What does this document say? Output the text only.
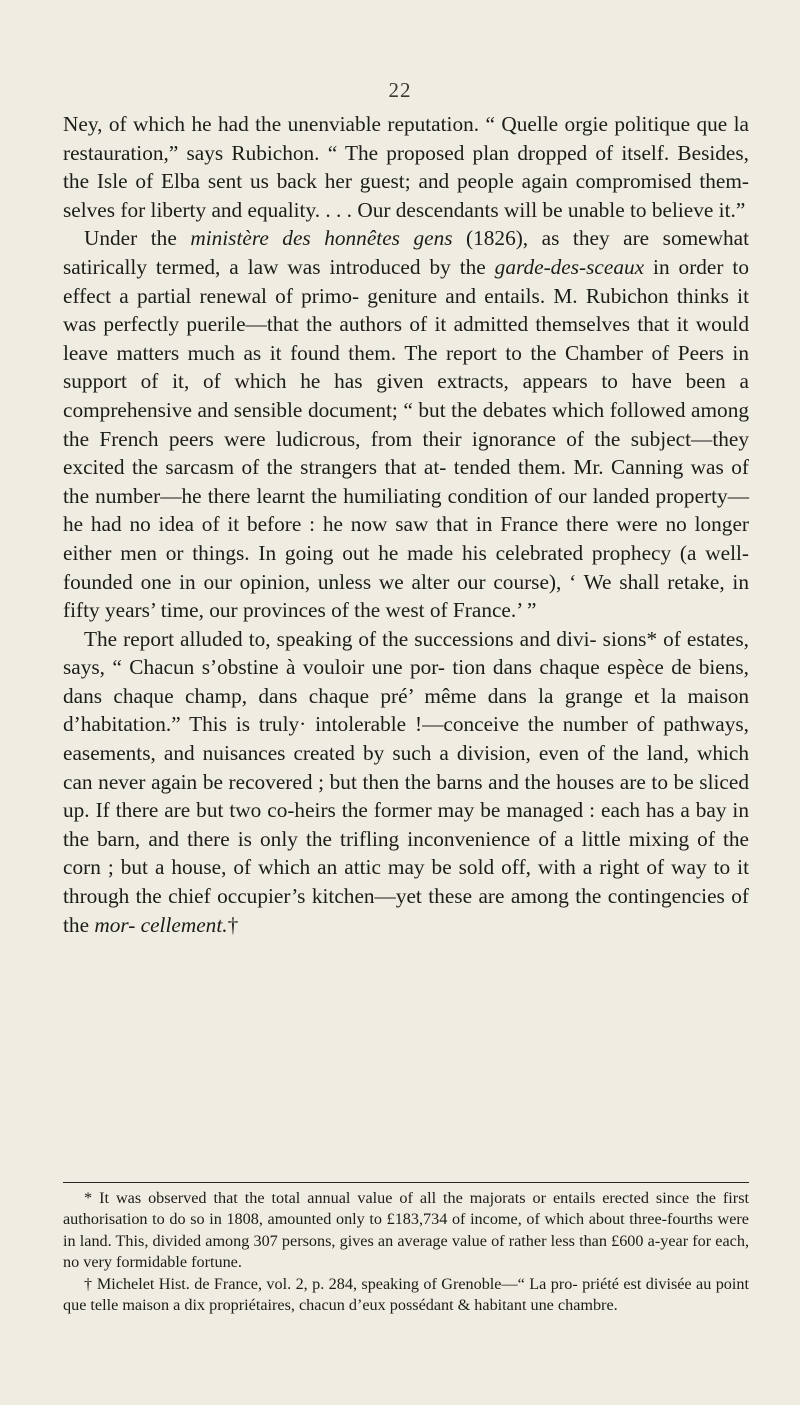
22

Ney, of which he had the unenviable reputation. “ Quelle orgie politique que la restauration,” says Rubichon. “ The proposed plan dropped of itself. Besides, the Isle of Elba sent us back her guest; and people again compromised them- selves for liberty and equality. . . . Our descendants will be unable to believe it.”

Under the ministère des honnêtes gens (1826), as they are somewhat satirically termed, a law was introduced by the garde-des-sceaux in order to effect a partial renewal of primo- geniture and entails. M. Rubichon thinks it was perfectly puerile—that the authors of it admitted themselves that it would leave matters much as it found them. The report to the Chamber of Peers in support of it, of which he has given extracts, appears to have been a comprehensive and sensible document; “ but the debates which followed among the French peers were ludicrous, from their ignorance of the subject—they excited the sarcasm of the strangers that at- tended them. Mr. Canning was of the number—he there learnt the humiliating condition of our landed property—he had no idea of it before : he now saw that in France there were no longer either men or things. In going out he made his celebrated prophecy (a well-founded one in our opinion, unless we alter our course), ‘ We shall retake, in fifty years’ time, our provinces of the west of France.’ ”

The report alluded to, speaking of the successions and divi- sions* of estates, says, “ Chacun s’obstine à vouloir une por- tion dans chaque espèce de biens, dans chaque champ, dans chaque pré’ même dans la grange et la maison d’habitation.” This is truly· intolerable !—conceive the number of pathways, easements, and nuisances created by such a division, even of the land, which can never again be recovered ; but then the barns and the houses are to be sliced up. If there are but two co-heirs the former may be managed : each has a bay in the barn, and there is only the trifling inconvenience of a little mixing of the corn ; but a house, of which an attic may be sold off, with a right of way to it through the chief occupier’s kitchen—yet these are among the contingencies of the mor- cellement.†

* It was observed that the total annual value of all the majorats or entails erected since the first authorisation to do so in 1808, amounted only to £183,734 of income, of which about three-fourths were in land. This, divided among 307 persons, gives an average value of rather less than £600 a-year for each, no very formidable fortune.

† Michelet Hist. de France, vol. 2, p. 284, speaking of Grenoble—“ La pro- priété est divisée au point que telle maison a dix propriétaires, chacun d’eux possédant & habitant une chambre.
